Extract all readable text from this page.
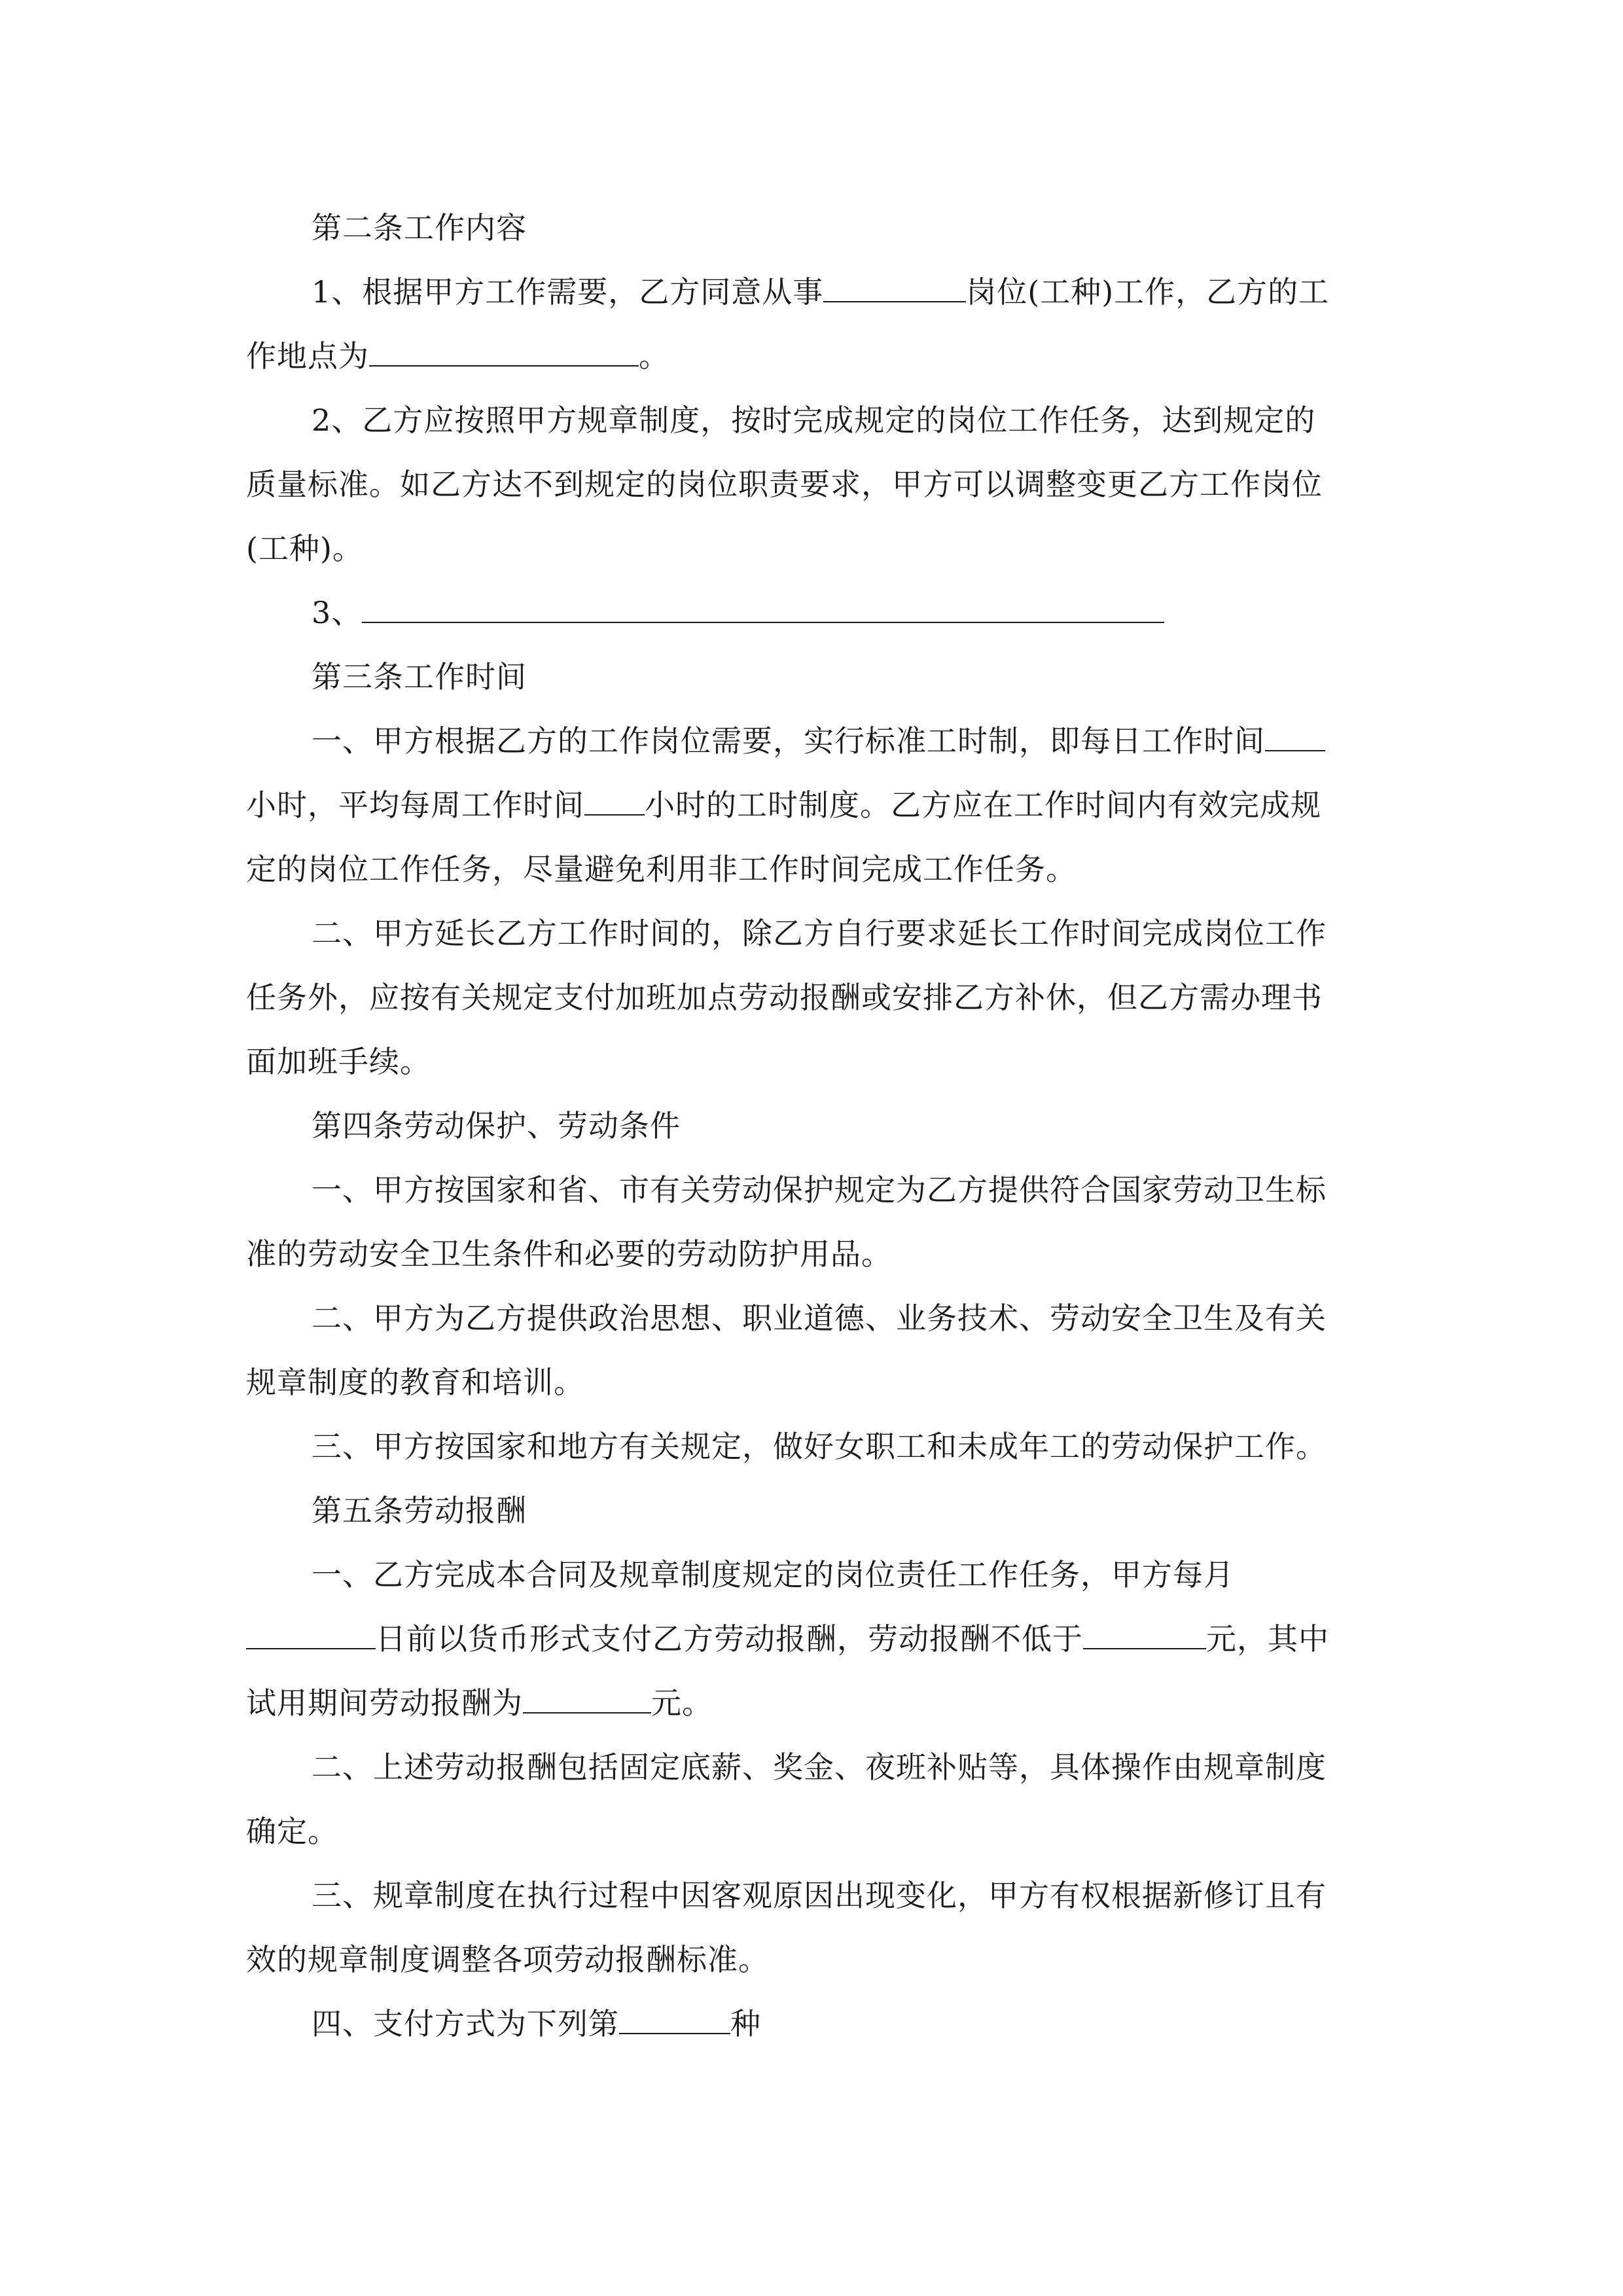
第二条工作内容
1、根据甲方工作需要，乙方同意从事	岗位(工种)工作，乙方的工
作地点为	。
2、乙方应按照甲方规章制度，按时完成规定的岗位工作任务，达到规定的
质量标准。如乙方达不到规定的岗位职责要求，甲方可以调整变更乙方工作岗位
(工种)。
3、
第三条工作时间
一、甲方根据乙方的工作岗位需要，实行标准工时制，即每日工作时间
小时，平均每周工作时间 小时的工时制度。乙方应在工作时间内有效完成规
定的岗位工作任务，尽量避免利用非工作时间完成工作任务。
二、甲方延长乙方工作时间的，除乙方自行要求延长工作时间完成岗位工作
任务外，应按有关规定支付加班加点劳动报酬或安排乙方补休，但乙方需办理书
面加班手续。
第四条劳动保护、劳动条件
一、甲方按国家和省、市有关劳动保护规定为乙方提供符合国家劳动卫生标
准的劳动安全卫生条件和必要的劳动防护用品。
二、甲方为乙方提供政治思想、职业道德、业务技术、劳动安全卫生及有关
规章制度的教育和培训。
三、甲方按国家和地方有关规定，做好女职工和未成年工的劳动保护工作。
第五条劳动报酬
一、乙方完成本合同及规章制度规定的岗位责任工作任务，甲方每月
日前以货币形式支付乙方劳动报酬，劳动报酬不低于	元，其中
试用期间劳动报酬为	元。
二、上述劳动报酬包括固定底薪、奖金、夜班补贴等，具体操作由规章制度
确定。
三、规章制度在执行过程中因客观原因出现变化，甲方有权根据新修订且有
效的规章制度调整各项劳动报酬标准。
四、支付方式为下列第	种
